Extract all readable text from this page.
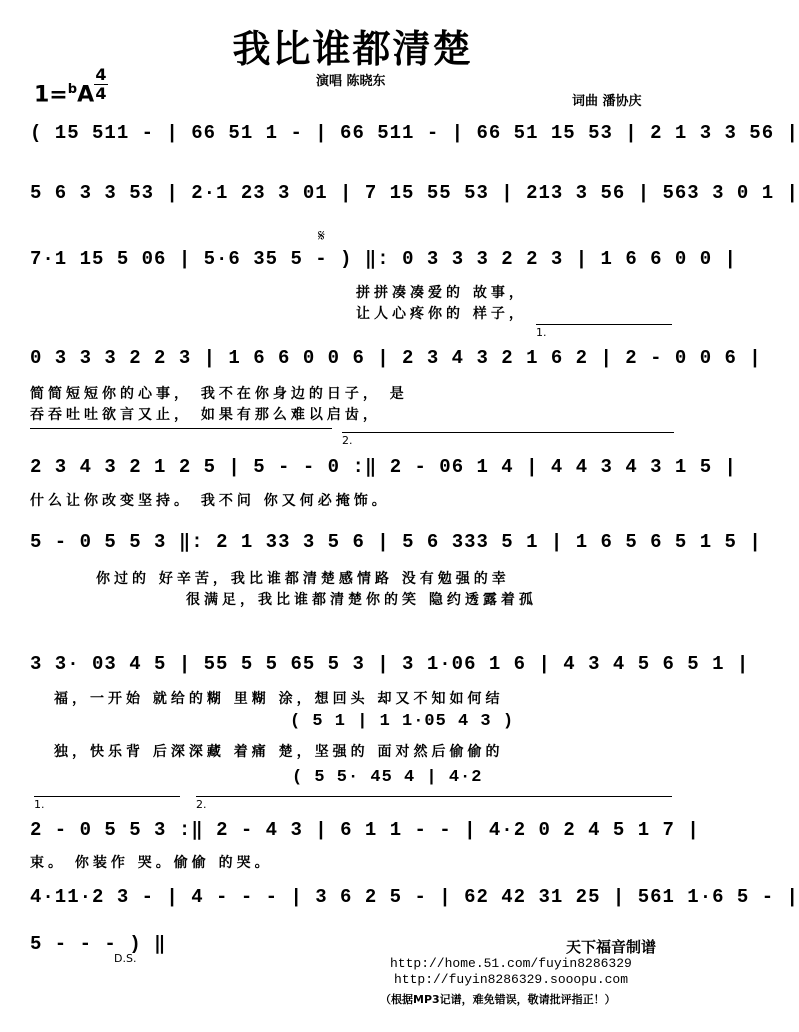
我比谁都清楚
1=$^b$A
4
4
演唱 陈晓东
词曲 潘协庆
( 15 511 - | 66 51 1 - | 66 511 - | 66 51 15 53 | 2 1 3 3 56 |
5 6 3 3 53 | 2·1 23 3 01 | 7 15 55 53 | 213 3 56 | 563 3 0 1 |
7·1 15 5 06 | 5·6 35 5 - ) ‖: 0 3 3 3 2 2 3 | 1 6 6 0 0 |
拼拼凑凑爱的 故事，
让人心疼你的 样子，
1.
𝄋
0 3 3 3 2 2 3 | 1 6 6 0 0 6 | 2 3 4 3 2 1 6 2 | 2 - 0 0 6 |
简简短短你的心事， 我不在你身边的日子， 是
吞吞吐吐欲言又止， 如果有那么难以启齿，
2.
2 3 4 3 2 1 2 5 | 5 - - 0 :‖ 2 - 06 1 4 | 4 4 3 4 3 1 5 |
什么让你改变坚持。 我不问 你又何必掩饰。
5 - 0 5 5 3 ‖: 2 1 33 3 5 6 | 5 6 333 5 1 | 1 6 5 6 5 1 5 |
你过的 好辛苦，我比谁都清楚感情路 没有勉强的幸
很满足，我比谁都清楚你的笑 隐约透露着孤
3 3· 03 4 5 | 55 5 5 65 5 3 | 3 1·06 1 6 | 4 3 4 5 6 5 1 |
福，一开始 就给的糊 里糊 涂，想回头 却又不知如何结
( 5 1 | 1 1·05 4 3 )
独，快乐背 后深深藏 着痛 楚，坚强的 面对然后偷偷的
( 5 5· 45 4 | 4·2
1.	2.
2 - 0 5 5 3 :‖ 2 - 4 3 | 6 1 1 - - | 4·2 0 2 4 5 1 7 |
束。 你装作 哭。偷偷 的哭。
4·11·2 3 - | 4 - - - | 3 6 2 5 - | 62 42 31 25 | 561 1·6 5 - |
5 - - - ) ‖
D.S.
天下福音制谱
http://home.51.com/fuyin8286329
http://fuyin8286329.sooopu.com
（根据MP3记谱，难免错误，敬请批评指正！）
